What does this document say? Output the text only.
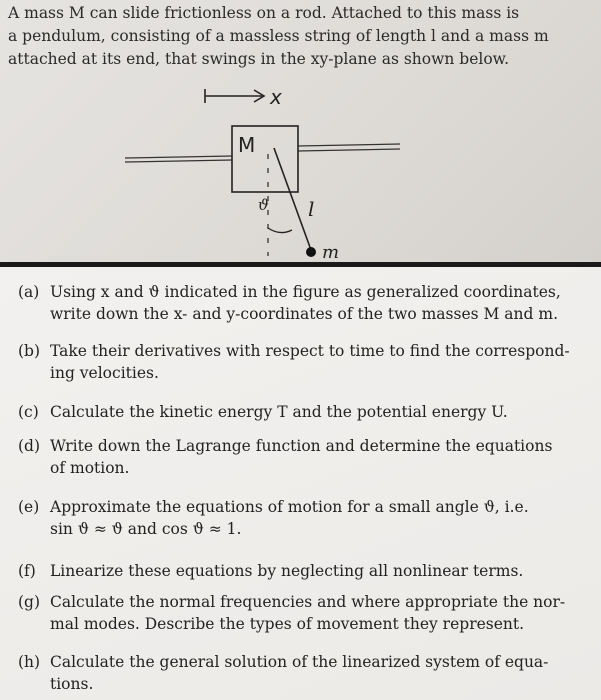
A mass M can slide frictionless on a rod. Attached to this mass is

a pendulum, consisting of a massless string of length l and a mass m

attached at its end, that swings in the xy-plane as shown below.

x
M
ϑ l
m
(a) Using x and ϑ indicated in the figure as generalized coordinates,
write down the x- and y-coordinates of the two masses M and m.
(b) Take their derivatives with respect to time to find the correspond-
ing velocities.
(c) Calculate the kinetic energy T and the potential energy U.
(d) Write down the Lagrange function and determine the equations
of motion.
(e) Approximate the equations of motion for a small angle ϑ, i.e.
sin ϑ ≈ ϑ and cos ϑ ≈ 1.
(f) Linearize these equations by neglecting all nonlinear terms.
(g) Calculate the normal frequencies and where appropriate the nor-
mal modes. Describe the types of movement they represent.
(h) Calculate the general solution of the linearized system of equa-
tions.
